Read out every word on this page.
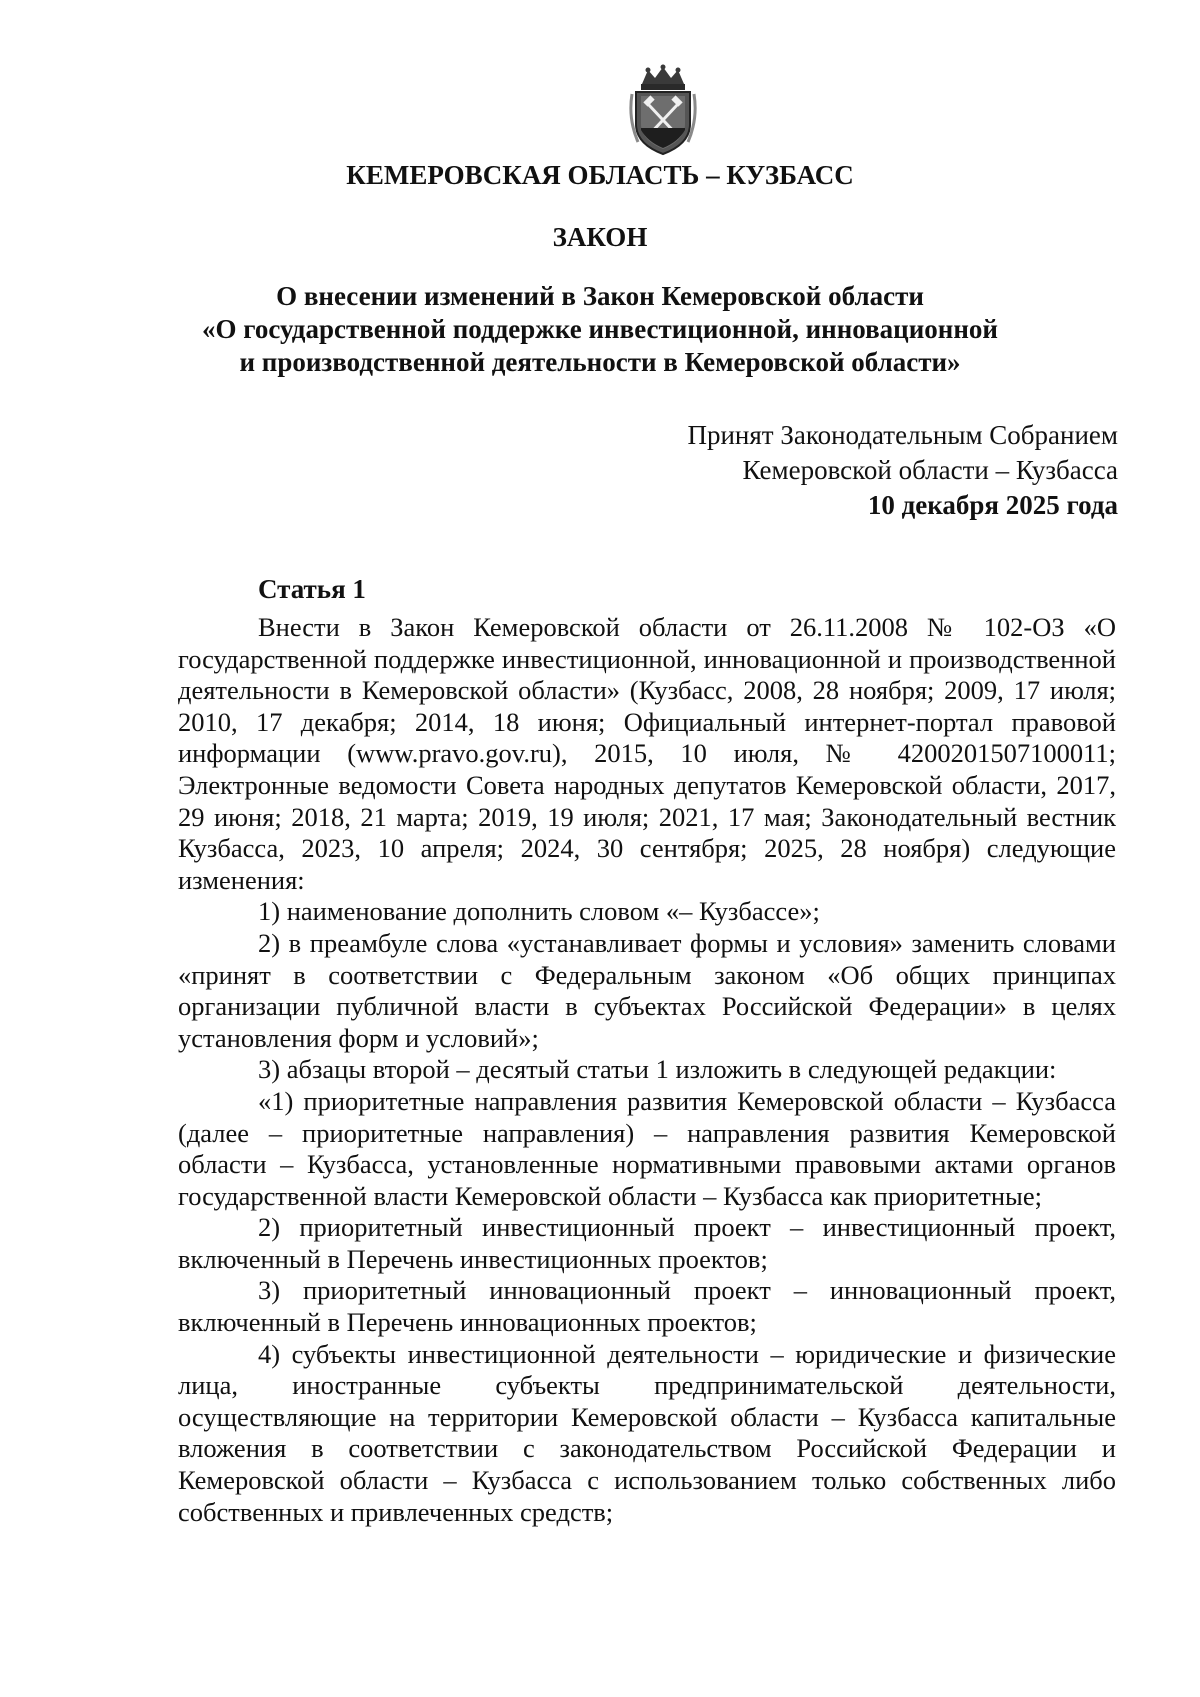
КЕМЕРОВСКАЯ ОБЛАСТЬ – КУЗБАСС
ЗАКОН
О внесении изменений в Закон Кемеровской области
«О государственной поддержке инвестиционной, инновационной
и производственной деятельности в Кемеровской области»
Принят Законодательным Собранием
Кемеровской области – Кузбасса
10 декабря 2025 года
Статья 1

Внести в Закон Кемеровской области от 26.11.2008 № 102-ОЗ «О государственной поддержке инвестиционной, инновационной и производственной деятельности в Кемеровской области» (Кузбасс, 2008, 28 ноября; 2009, 17 июля; 2010, 17 декабря; 2014, 18 июня; Официальный интернет-портал правовой информации (www.pravo.gov.ru), 2015, 10 июля, № 4200201507100011; Электронные ведомости Совета народных депутатов Кемеровской области, 2017, 29 июня; 2018, 21 марта; 2019, 19 июля; 2021, 17 мая; Законодательный вестник Кузбасса, 2023, 10 апреля; 2024, 30 сентября; 2025, 28 ноября) следующие изменения:

1) наименование дополнить словом «– Кузбассе»;

2) в преамбуле слова «устанавливает формы и условия» заменить словами «принят в соответствии с Федеральным законом «Об общих принципах организации публичной власти в субъектах Российской Федерации» в целях установления форм и условий»;

3) абзацы второй – десятый статьи 1 изложить в следующей редакции:

«1) приоритетные направления развития Кемеровской области – Кузбасса (далее – приоритетные направления) – направления развития Кемеровской области – Кузбасса, установленные нормативными правовыми актами органов государственной власти Кемеровской области – Кузбасса как приоритетные;

2) приоритетный инвестиционный проект – инвестиционный проект, включенный в Перечень инвестиционных проектов;

3) приоритетный инновационный проект – инновационный проект, включенный в Перечень инновационных проектов;

4) субъекты инвестиционной деятельности – юридические и физические лица, иностранные субъекты предпринимательской деятельности, осуществляющие на территории Кемеровской области – Кузбасса капитальные вложения в соответствии с законодательством Российской Федерации и Кемеровской области – Кузбасса с использованием только собственных либо собственных и привлеченных средств;
